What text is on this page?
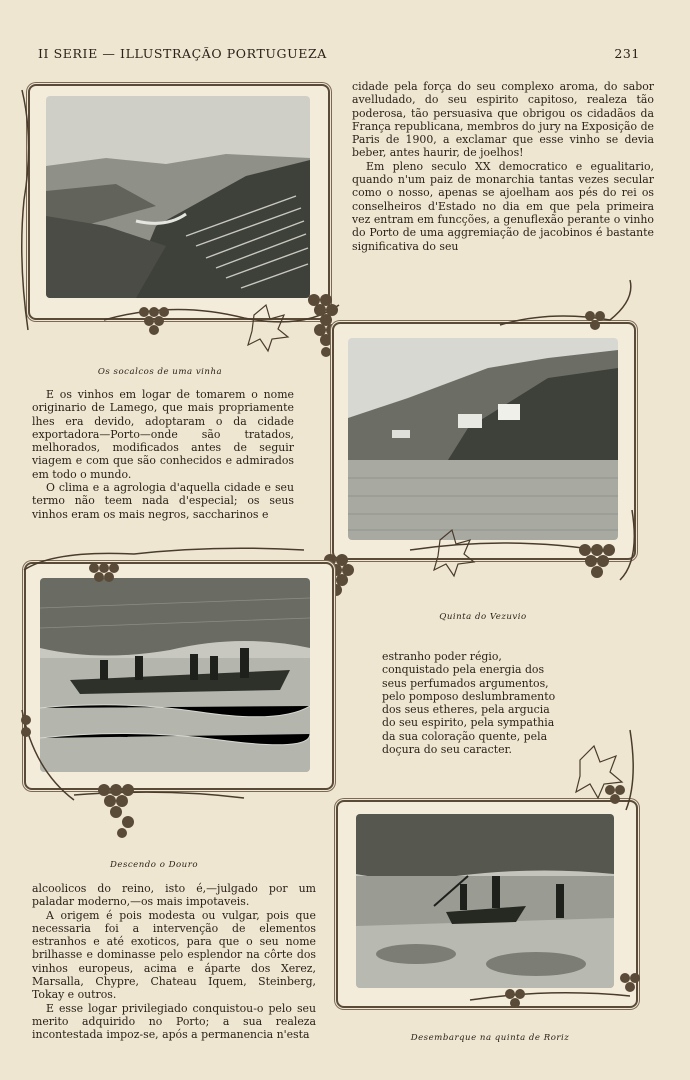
II SERIE — ILLUSTRAÇÃO PORTUGUEZA	231
Os socalcos de uma vinha

cidade pela força do seu complexo aroma, do sabor avelludado, do seu espirito capitoso, realeza tão poderosa, tão persuasiva que obrigou os cidadãos da França republicana, membros do jury na Exposição de Paris de 1900, a exclamar que esse vinho se devia beber, antes haurir, de joelhos!

Em pleno seculo XX democratico e egualitario, quando n'um paiz de monarchia tantas vezes secular como o nosso, apenas se ajoelham aos pés do rei os conselheiros d'Estado no dia em que pela primeira vez entram em funcções, a genuflexão perante o vinho do Porto de uma aggremiação de jacobinos é bastante significativa do seu

Quinta do Vezuvio

E os vinhos em logar de tomarem o nome originario de Lamego, que mais propriamente lhes era devido, adoptaram o da cidade exportadora—Porto—onde são tratados, melhorados, modificados antes de seguir viagem e com que são conhecidos e admirados em todo o mundo.

O clima e a agrologia d'aquella cidade e seu termo não teem nada d'especial; os seus vinhos eram os mais negros, saccharinos e

Descendo o Douro

estranho poder régio, conquistado pela energia dos seus perfumados argumentos, pelo pomposo deslumbramento dos seus etheres, pela argucia do seu espirito, pela sympathia da sua coloração quente, pela doçura do seu caracter.

Desembarque na quinta de Roriz

alcoolicos do reino, isto é,—julgado por um paladar moderno,—os mais impotaveis.

A origem é pois modesta ou vulgar, pois que necessaria foi a intervenção de elementos estranhos e até exoticos, para que o seu nome brilhasse e dominasse pelo esplendor na côrte dos vinhos europeus, acima e áparte dos Xerez, Marsalla, Chypre, Chateau Iquem, Steinberg, Tokay e outros.

E esse logar privilegiado conquistou-o pelo seu merito adquirido no Porto; a sua realeza incontestada impoz-se, após a permanencia n'esta
